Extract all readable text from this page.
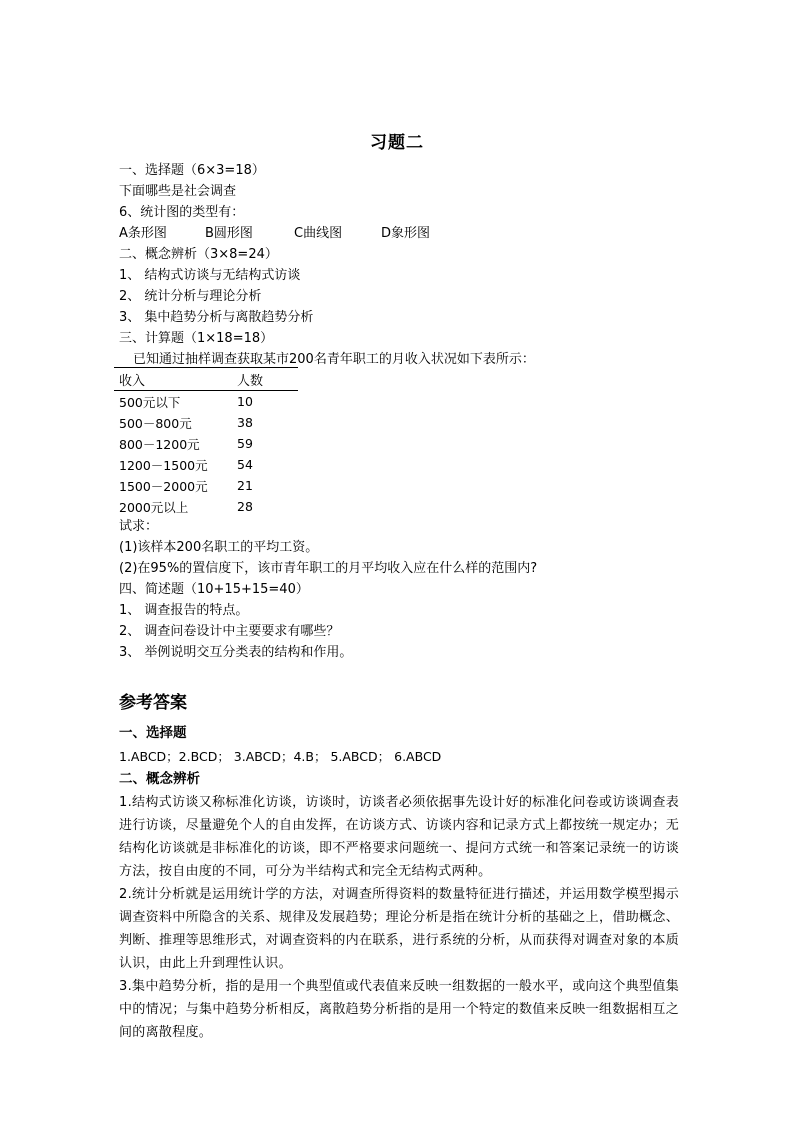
习题二
一、选择题（6×3=18）
下面哪些是社会调查
6、统计图的类型有：
A条形图	B圆形图	C曲线图	D象形图
二、概念辨析（3×8=24）
1、 结构式访谈与无结构式访谈
2、 统计分析与理论分析
3、 集中趋势分析与离散趋势分析
三、计算题（1×18=18）
已知通过抽样调查获取某市200名青年职工的月收入状况如下表所示：
收入	人数
500元以下	10
500－800元	38
800－1200元	59
1200－1500元	54
1500－2000元	21
2000元以上	28
试求：
(1)该样本200名职工的平均工资。
(2)在95%的置信度下，该市青年职工的月平均收入应在什么样的范围内?
四、简述题（10+15+15=40）
1、 调查报告的特点。
2、 调查问卷设计中主要要求有哪些？
3、 举例说明交互分类表的结构和作用。
参考答案
一、选择题
1.ABCD；2.BCD； 3.ABCD；4.B； 5.ABCD； 6.ABCD
二、概念辨析

1.结构式访谈又称标准化访谈，访谈时，访谈者必须依据事先设计好的标准化问卷或访谈调查表进行访谈，尽量避免个人的自由发挥，在访谈方式、访谈内容和记录方式上都按统一规定办；无结构化访谈就是非标准化的访谈，即不严格要求问题统一、提问方式统一和答案记录统一的访谈方法，按自由度的不同，可分为半结构式和完全无结构式两种。

2.统计分析就是运用统计学的方法，对调查所得资料的数量特征进行描述，并运用数学模型揭示调查资料中所隐含的关系、规律及发展趋势；理论分析是指在统计分析的基础之上，借助概念、判断、推理等思维形式，对调查资料的内在联系，进行系统的分析，从而获得对调查对象的本质认识，由此上升到理性认识。

3.集中趋势分析，指的是用一个典型值或代表值来反映一组数据的一般水平，或向这个典型值集中的情况；与集中趋势分析相反，离散趋势分析指的是用一个特定的数值来反映一组数据相互之间的离散程度。
